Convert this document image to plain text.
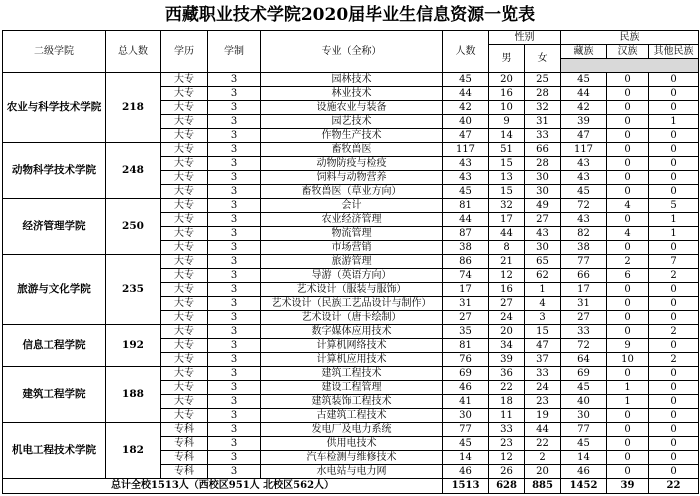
西藏职业技术学院2020届毕业生信息资源一览表
二级学院	总人数	学历	学制	专业（全称）	人数	性别		民族		
						男	女	藏族	汉族	其他民族

农业与科学技术学院	218	大专	3	园林技术	45	20	25	45	0	0
		大专	3	林业技术	44	16	28	44	0	0
		大专	3	设施农业与装备	42	10	32	42	0	0
		大专	3	园艺技术	40	9	31	39	0	1
		大专	3	作物生产技术	47	14	33	47	0	0
动物科学技术学院	248	大专	3	畜牧兽医	117	51	66	117	0	0
		大专	3	动物防疫与检疫	43	15	28	43	0	0
		大专	3	饲料与动物营养	43	13	30	43	0	0
		大专	3	畜牧兽医（草业方向）	45	15	30	45	0	0
经济管理学院	250	大专	3	会计	81	32	49	72	4	5
		大专	3	农业经济管理	44	17	27	43	0	1
		大专	3	物流管理	87	44	43	82	4	1
		大专	3	市场营销	38	8	30	38	0	0
旅游与文化学院	235	大专	3	旅游管理	86	21	65	77	2	7
		大专	3	导游（英语方向）	74	12	62	66	6	2
		大专	3	艺术设计（服装与服饰）	17	16	1	17	0	0
		大专	3	艺术设计（民族工艺品设计与制作）	31	27	4	31	0	0
		大专	3	艺术设计（唐卡绘制）	27	24	3	27	0	0
信息工程学院	192	大专	3	数字媒体应用技术	35	20	15	33	0	2
		大专	3	计算机网络技术	81	34	47	72	9	0
		大专	3	计算机应用技术	76	39	37	64	10	2
建筑工程学院	188	大专	3	建筑工程技术	69	36	33	69	0	0
		大专	3	建设工程管理	46	22	24	45	1	0
		大专	3	建筑装饰工程技术	41	18	23	40	1	0
		大专	3	古建筑工程技术	30	11	19	30	0	0
机电工程技术学院	182	专科	3	发电厂及电力系统	77	33	44	77	0	0
		专科	3	供用电技术	45	23	22	45	0	0
		专科	3	汽车检测与维修技术	14	12	2	14	0	0
		专科	3	水电站与电力网	46	26	20	46	0	0
总计全校1513人（西校区951人 北校区562人）					1513	628	885	1452	39	22
